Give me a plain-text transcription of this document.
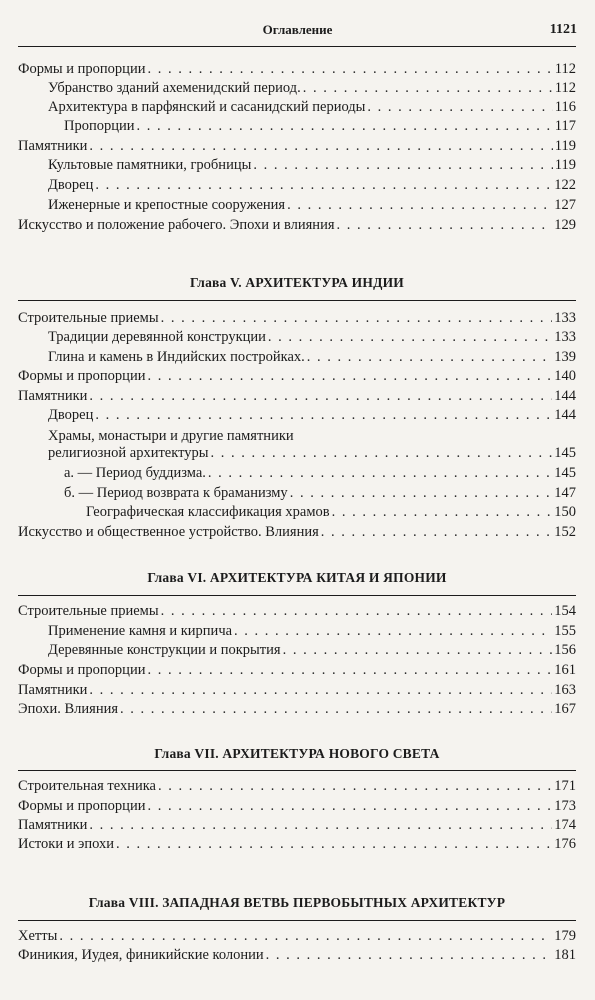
Оглавление	1121
Формы и пропорции . . .	112
Убранство зданий ахеменидский период. . . .	112
Архитектура в парфянский и сасанидский периоды . . .	116
Пропорции . . .	117
Памятники . . .	119
Культовые памятники, гробницы . . .	119
Дворец . . .	122
Иженерные и крепостные сооружения . . .	127
Искусство и положение рабочего. Эпохи и влияния . . .	129
Глава V. АРХИТЕКТУРА ИНДИИ
Строительные приемы . . .	133
Традиции деревянной конструкции . . .	133
Глина и камень в Индийских постройках. . . .	139
Формы и пропорции . . .	140
Памятники . . .	144
Дворец . . .	144
Храмы, монастыри и другие памятники
религиозной архитектуры . . .	145
а. — Период буддизма. . . .	145
б. — Период возврата к браманизму . . .	147
Географическая классификация храмов . . .	150
Искусство и общественное устройство. Влияния . . .	152
Глава VI. АРХИТЕКТУРА КИТАЯ И ЯПОНИИ
Строительные приемы . . .	154
Применение камня и кирпича . . .	155
Деревянные конструкции и покрытия . . .	156
Формы и пропорции . . .	161
Памятники . . .	163
Эпохи. Влияния . . .	167
Глава VII. АРХИТЕКТУРА НОВОГО СВЕТА
Строительная техника . . .	171
Формы и пропорции . . .	173
Памятники . . .	174
Истоки и эпохи . . .	176
Глава VIII. ЗАПАДНАЯ ВЕТВЬ ПЕРВОБЫТНЫХ АРХИТЕКТУР
Хетты . . .	179
Финикия, Иудея, финикийские колонии . . .	181
